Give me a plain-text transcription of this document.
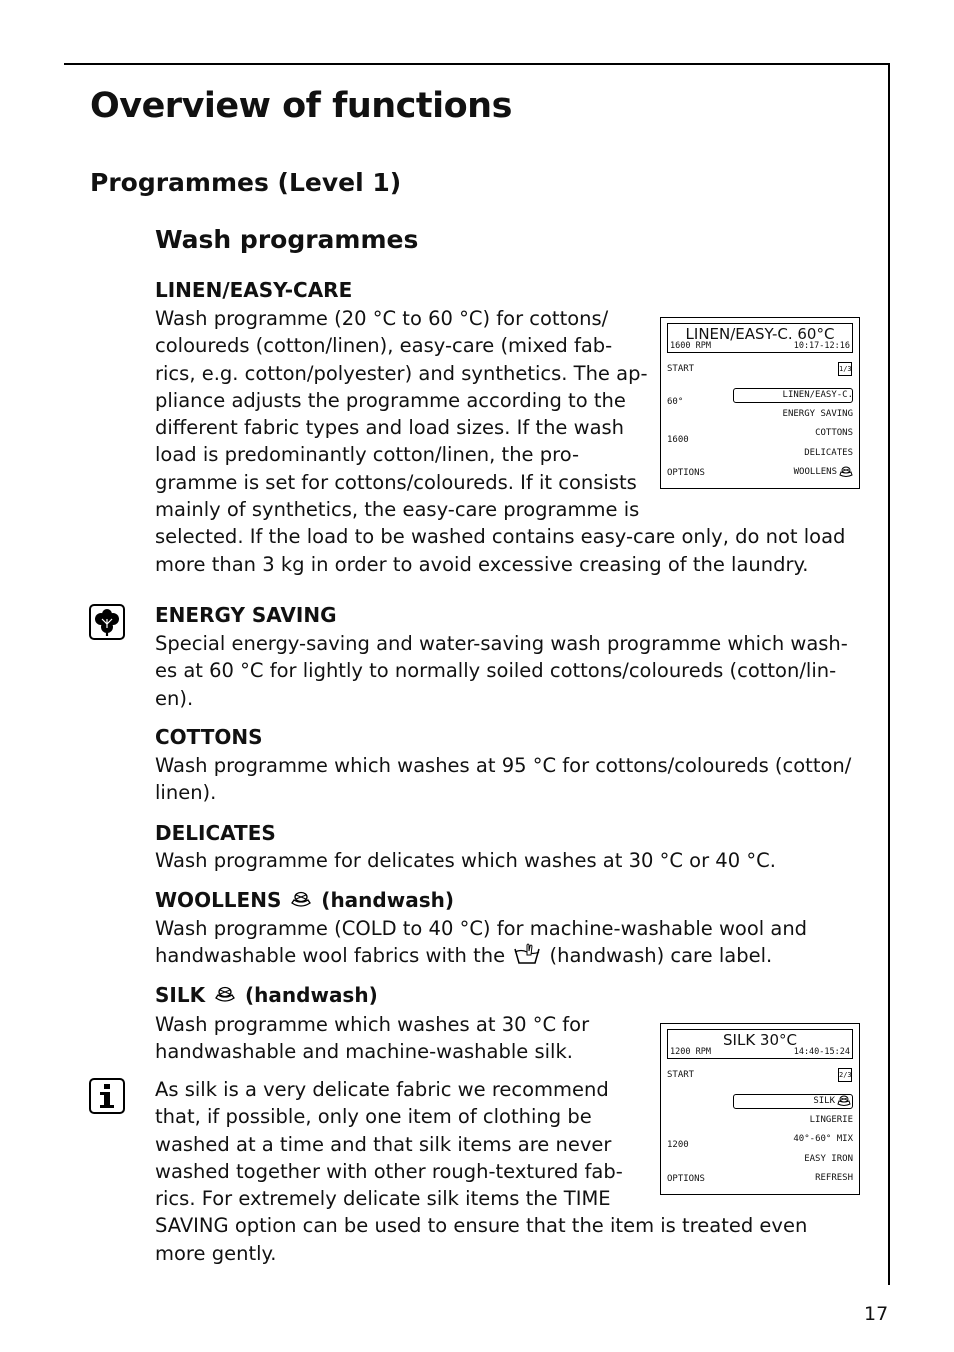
Overview of functions
Programmes (Level 1)
Wash programmes
LINEN/EASY-CARE
Wash programme (20 °C to 60 °C) for cottons/
coloureds (cotton/linen), easy-care (mixed fab-
rics, e.g. cotton/polyester) and synthetics. The ap-
pliance adjusts the programme according to the
different fabric types and load sizes. If the wash
load is predominantly cotton/linen, the pro-
gramme is set for cottons/coloureds. If it consists
mainly of synthetics, the easy-care programme is
selected. If the load to be washed contains easy-care only, do not load
more than 3 kg in order to avoid excessive creasing of the laundry.
LINEN/EASY-C. 60°C
1600 RPM	10:17-12:16
START	1/3
60°
LINEN/EASY-C.
ENERGY SAVING
1600
COTTONS
DELICATES
OPTIONS	WOOLLENS
ENERGY SAVING
Special energy-saving and water-saving wash programme which wash-
es at 60 °C for lightly to normally soiled cottons/coloureds (cotton/lin-
en).
COTTONS
Wash programme which washes at 95 °C for cottons/coloureds (cotton/
linen).
DELICATES
Wash programme for delicates which washes at 30 °C or 40 °C.
WOOLLENS (handwash)
Wash programme (COLD to 40 °C) for machine-washable wool and
handwashable wool fabrics with the (handwash) care label.
SILK (handwash)
Wash programme which washes at 30 °C for
handwashable and machine-washable silk.
As silk is a very delicate fabric we recommend
that, if possible, only one item of clothing be
washed at a time and that silk items are never
washed together with other rough-textured fab-
rics. For extremely delicate silk items the TIME
SAVING option can be used to ensure that the item is treated even
more gently.
SILK 30°C
1200 RPM	14:40-15:24
START	2/3
SILK
LINGERIE
1200
40°-60° MIX
EASY IRON
OPTIONS	REFRESH
17
